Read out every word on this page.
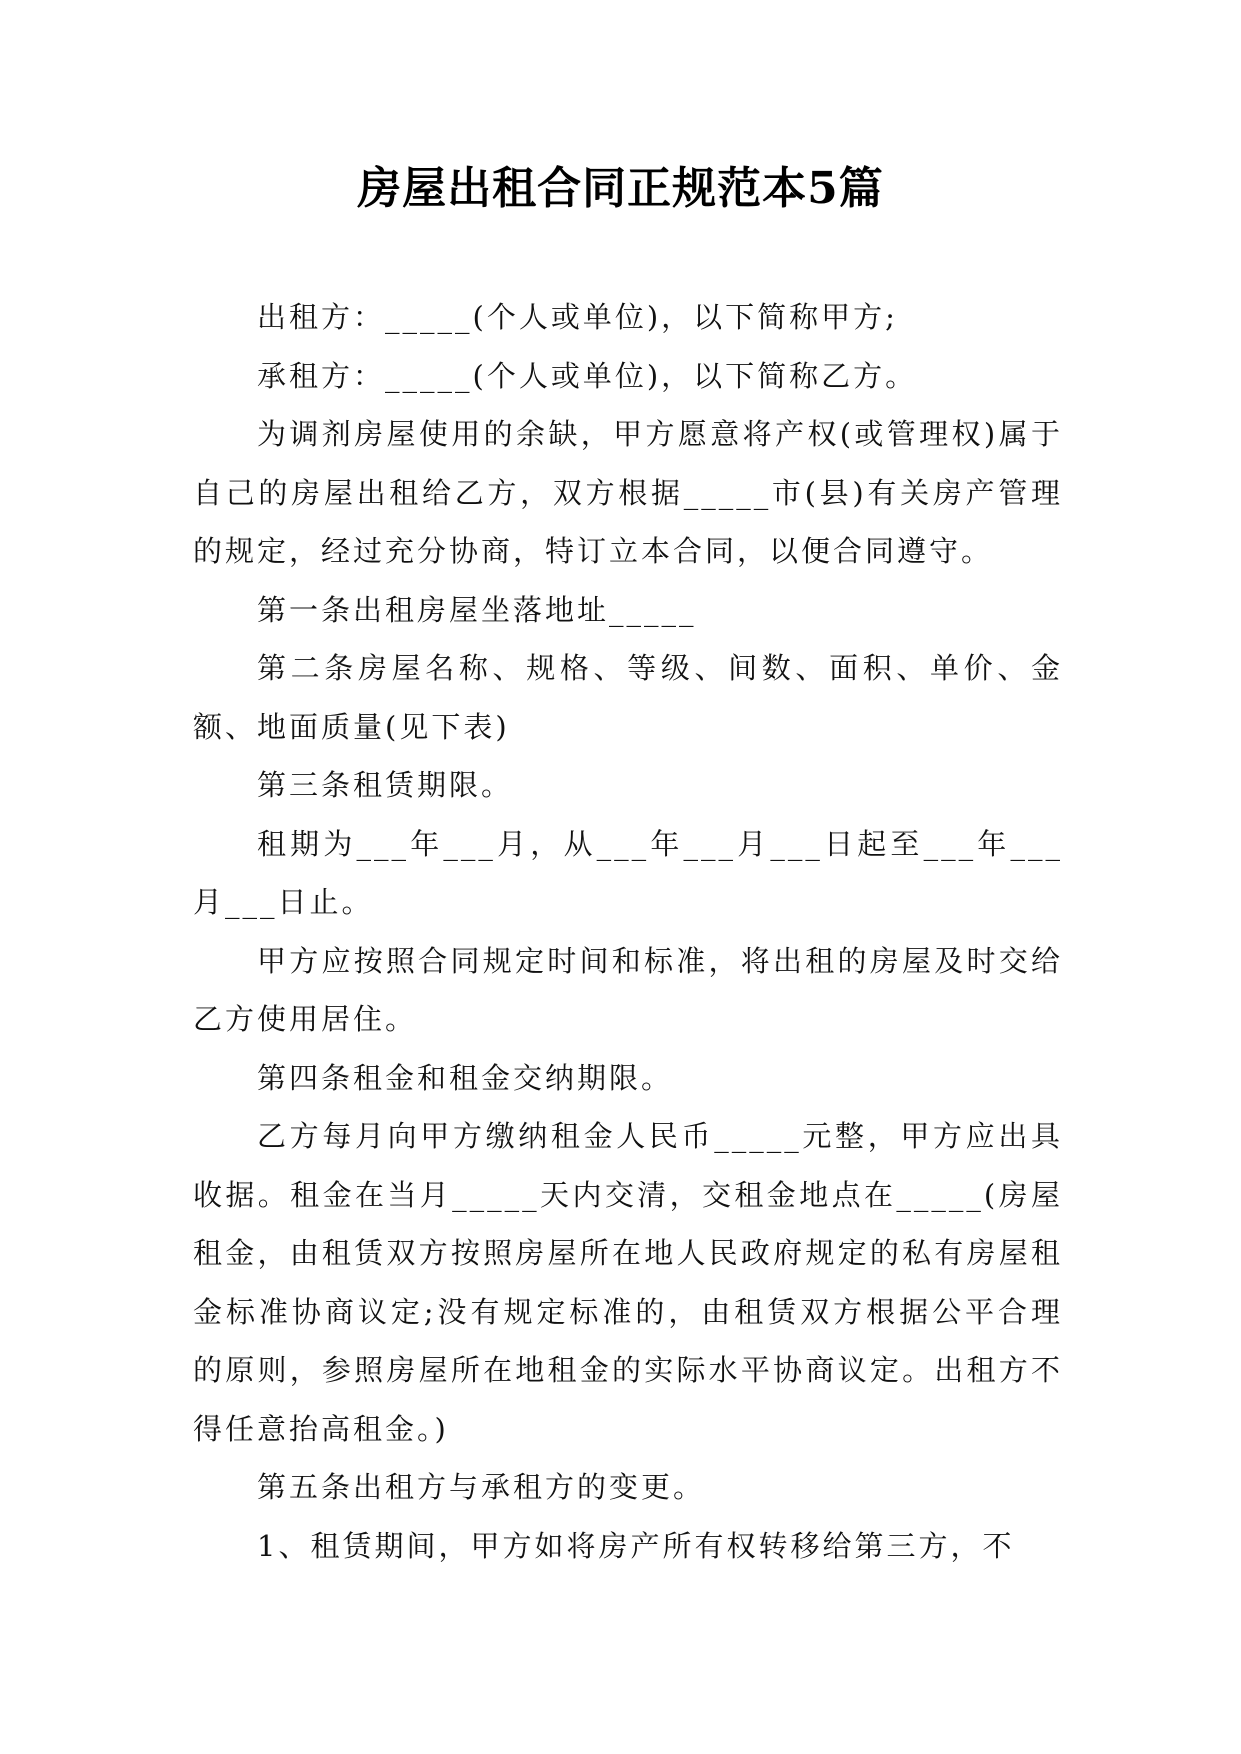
房屋出租合同正规范本5篇

出租方：_____(个人或单位)，以下简称甲方;

承租方：_____(个人或单位)，以下简称乙方。

为调剂房屋使用的余缺，甲方愿意将产权(或管理权)属于自己的房屋出租给乙方，双方根据_____市(县)有关房产管理的规定，经过充分协商，特订立本合同，以便合同遵守。

第一条出租房屋坐落地址_____

第二条房屋名称、规格、等级、间数、面积、单价、金额、地面质量(见下表)

第三条租赁期限。

租期为___年___月，从___年___月___日起至___年___月___日止。

甲方应按照合同规定时间和标准，将出租的房屋及时交给乙方使用居住。

第四条租金和租金交纳期限。

乙方每月向甲方缴纳租金人民币_____元整，甲方应出具收据。租金在当月_____天内交清，交租金地点在_____(房屋租金，由租赁双方按照房屋所在地人民政府规定的私有房屋租金标准协商议定;没有规定标准的，由租赁双方根据公平合理的原则，参照房屋所在地租金的实际水平协商议定。出租方不得任意抬高租金。)

第五条出租方与承租方的变更。

1、租赁期间，甲方如将房产所有权转移给第三方，不
